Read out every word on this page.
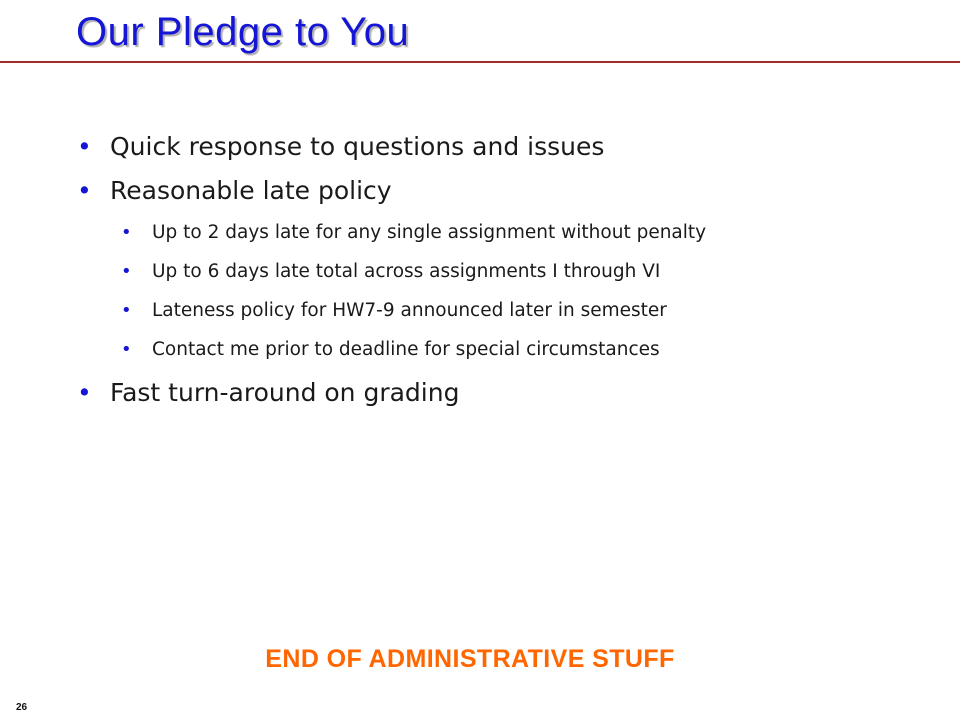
Our Pledge to You
• Quick response to questions and issues
• Reasonable late policy
• Up to 2 days late for any single assignment without penalty
• Up to 6 days late total across assignments I through VI
• Lateness policy for HW7-9 announced later in semester
• Contact me prior to deadline for special circumstances
• Fast turn-around on grading
END OF ADMINISTRATIVE STUFF
26
